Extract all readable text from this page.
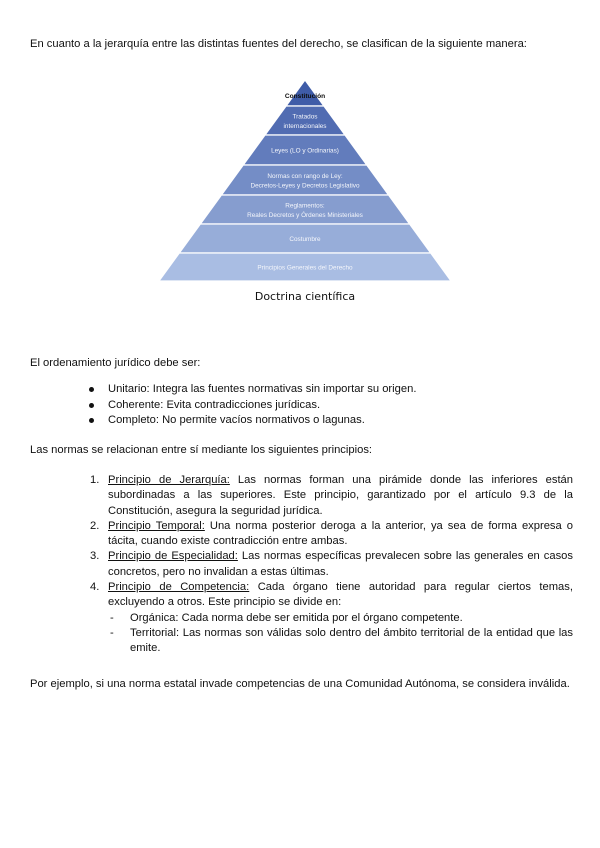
En cuanto a la jerarquía entre las distintas fuentes del derecho, se clasifican de la siguiente manera:
Constitución
Tratados
internacionales
Leyes (LO y Ordinarias)
Normas con rango de Ley:
Decretos-Leyes y Decretos Legislativo
Reglamentos:
Reales Decretos y Órdenes Ministeriales
Costumbre
Principios Generales del Derecho
Doctrina científica
El ordenamiento jurídico debe ser:
Unitario: Integra las fuentes normativas sin importar su origen.
Coherente: Evita contradicciones jurídicas.
Completo: No permite vacíos normativos o lagunas.
Las normas se relacionan entre sí mediante los siguientes principios:
1. Principio de Jerarquía: Las normas forman una pirámide donde las inferiores están subordinadas a las superiores. Este principio, garantizado por el artículo 9.3 de la Constitución, asegura la seguridad jurídica.
2. Principio Temporal: Una norma posterior deroga a la anterior, ya sea de forma expresa o tácita, cuando existe contradicción entre ambas.
3. Principio de Especialidad: Las normas específicas prevalecen sobre las generales en casos concretos, pero no invalidan a estas últimas.
4. Principio de Competencia: Cada órgano tiene autoridad para regular ciertos temas, excluyendo a otros. Este principio se divide en:
- Orgánica: Cada norma debe ser emitida por el órgano competente.
- Territorial: Las normas son válidas solo dentro del ámbito territorial de la entidad que las emite.
Por ejemplo, si una norma estatal invade competencias de una Comunidad Autónoma, se considera inválida.
